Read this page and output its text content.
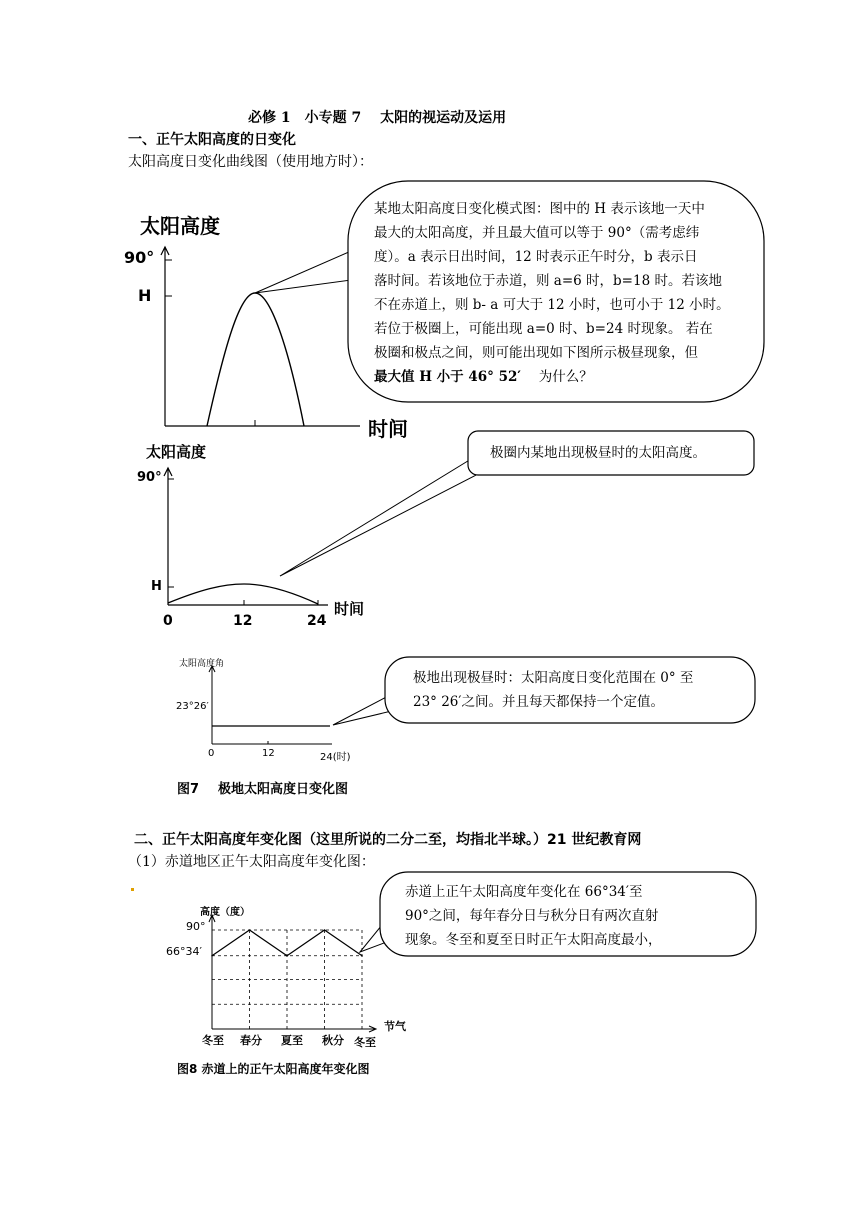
必修 1　小专题 7　 太阳的视运动及运用
一、正午太阳高度的日变化
太阳高度日变化曲线图（使用地方时）：
太阳高度
90°
H
时间
某地太阳高度日变化模式图：图中的 H 表示该地一天中
最大的太阳高度，并且最大值可以等于 90°（需考虑纬
度）。a 表示日出时间，12 时表示正午时分，b 表示日
落时间。若该地位于赤道，则 a=6 时，b=18 时。若该地
不在赤道上，则 b- a 可大于 12 小时，也可小于 12 小时。
若位于极圈上，可能出现 a=0 时、b=24 时现象。 若在
极圈和极点之间，则可能出现如下图所示极昼现象，但
最大值 H 小于 46° 52′　 为什么？
太阳高度
90°
H
0	12	24
时间
极圈内某地出现极昼时的太阳高度。
太阳高度角
23°26′
0	12	24(时)
极地出现极昼时：太阳高度日变化范围在 0° 至
23° 26′之间。并且每天都保持一个定值。
图7 极地太阳高度日变化图
二、正午太阳高度年变化图（这里所说的二分二至，均指北半球。）21 世纪教育网
（1）赤道地区正午太阳高度年变化图：
高度（度）
90°
66°34′
节气
冬至 春分 夏至 秋分 冬至
赤道上正午太阳高度年变化在 66°34′至
90°之间，每年春分日与秋分日有两次直射
现象。冬至和夏至日时正午太阳高度最小，
图8 赤道上的正午太阳高度年变化图
